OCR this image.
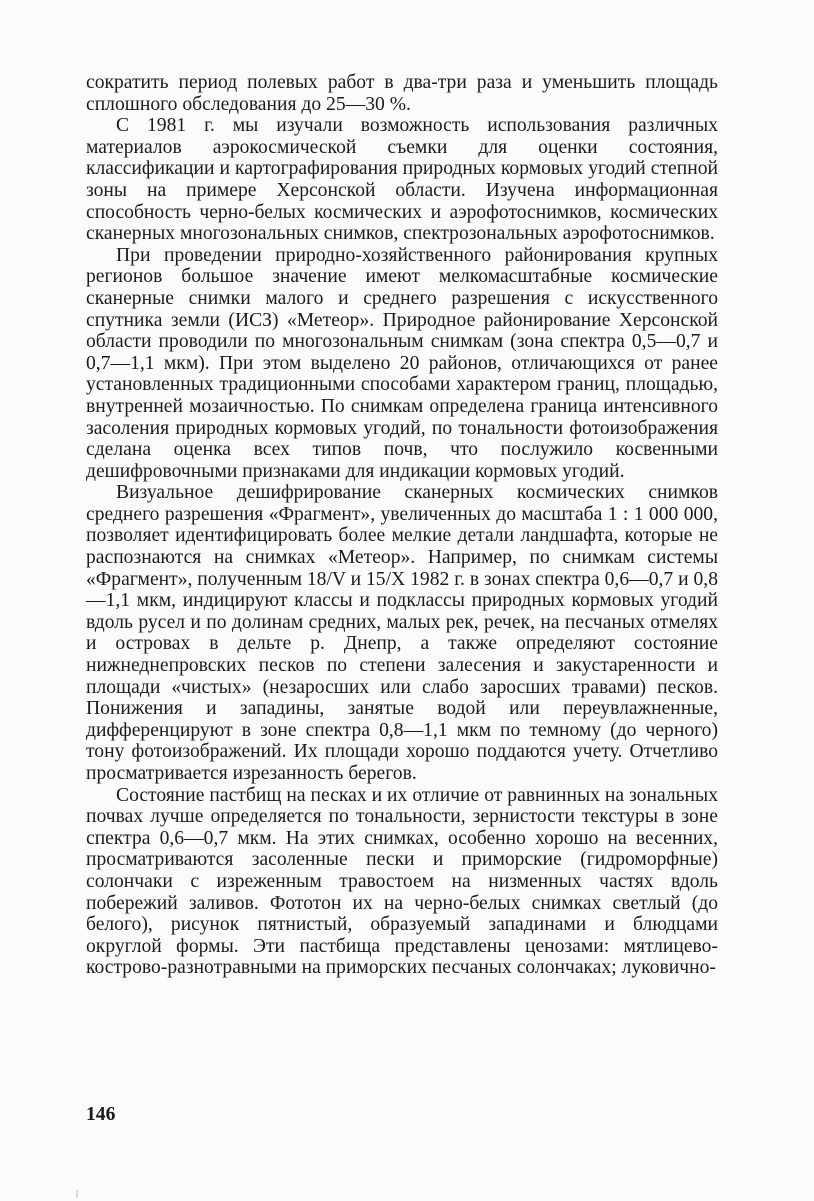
сократить период полевых работ в два-три раза и уменьшить площадь сплошного обследования до 25—30 %.

С 1981 г. мы изучали возможность использования различных материалов аэрокосмической съемки для оценки состояния, классификации и картографирования природных кормовых угодий степной зоны на примере Херсонской области. Изучена информационная способность черно-белых космических и аэрофотоснимков, космических сканерных многозональных снимков, спектрозональных аэрофотоснимков.

При проведении природно-хозяйственного районирования крупных регионов большое значение имеют мелкомасштабные космические сканерные снимки малого и среднего разрешения с искусственного спутника земли (ИСЗ) «Метеор». Природное районирование Херсонской области проводили по многозональным снимкам (зона спектра 0,5—0,7 и 0,7—1,1 мкм). При этом выделено 20 районов, отличающихся от ранее установленных традиционными способами характером границ, площадью, внутренней мозаичностью. По снимкам определена граница интенсивного засоления природных кормовых угодий, по тональности фотоизображения сделана оценка всех типов почв, что послужило косвенными дешифровочными признаками для индикации кормовых угодий.

Визуальное дешифрирование сканерных космических снимков среднего разрешения «Фрагмент», увеличенных до масштаба 1 : 1 000 000, позволяет идентифицировать более мелкие детали ландшафта, которые не распознаются на снимках «Метеор». Например, по снимкам системы «Фрагмент», полученным 18/V и 15/X 1982 г. в зонах спектра 0,6—0,7 и 0,8—1,1 мкм, индицируют классы и подклассы природных кормовых угодий вдоль русел и по долинам средних, малых рек, речек, на песчаных отмелях и островах в дельте р. Днепр, а также определяют состояние нижнеднепровских песков по степени залесения и закустаренности и площади «чистых» (незаросших или слабо заросших травами) песков. Понижения и западины, занятые водой или переувлажненные, дифференцируют в зоне спектра 0,8—1,1 мкм по темному (до черного) тону фотоизображений. Их площади хорошо поддаются учету. Отчетливо просматривается изрезанность берегов.

Состояние пастбищ на песках и их отличие от равнинных на зональных почвах лучше определяется по тональности, зернистости текстуры в зоне спектра 0,6—0,7 мкм. На этих снимках, особенно хорошо на весенних, просматриваются засоленные пески и приморские (гидроморфные) солончаки с изреженным травостоем на низменных частях вдоль побережий заливов. Фототон их на черно-белых снимках светлый (до белого), рисунок пятнистый, образуемый западинами и блюдцами округлой формы. Эти пастбища представлены ценозами: мятлицево-кострово-разнотравными на приморских песчаных солончаках; луковично-

146
